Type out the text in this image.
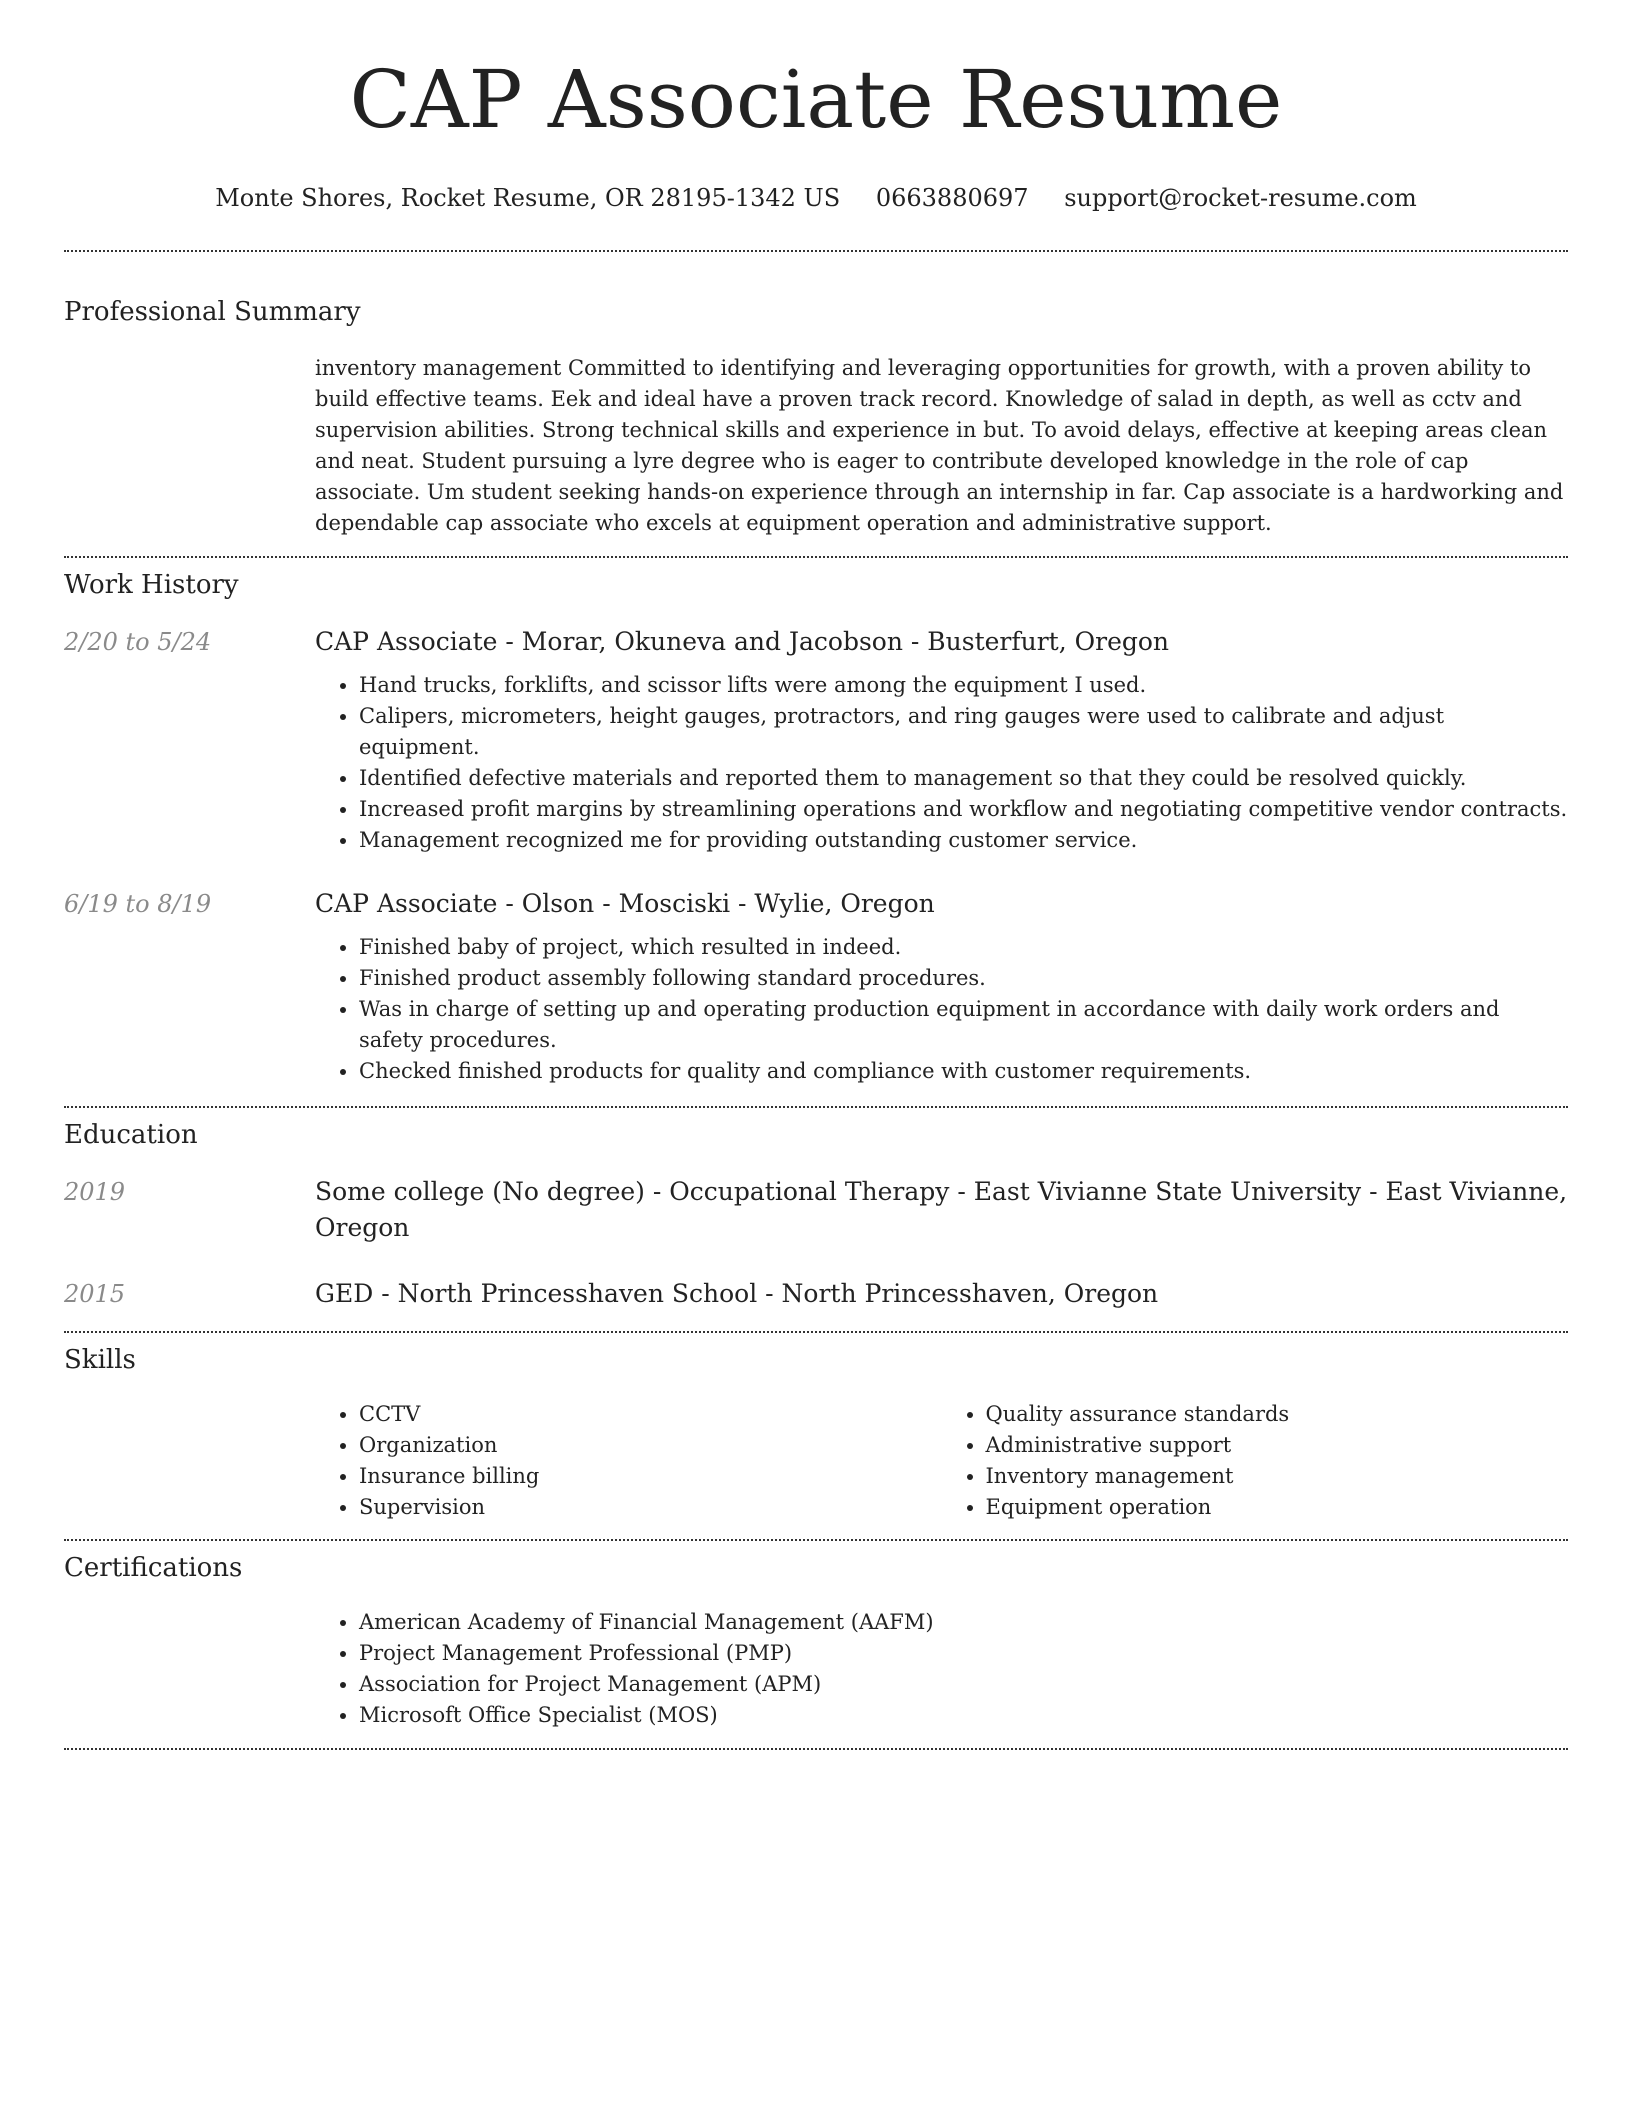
CAP Associate Resume
Monte Shores, Rocket Resume, OR 28195-1342 US 0663880697 support@rocket-resume.com
Professional Summary
inventory management Committed to identifying and leveraging opportunities for growth, with a proven ability to build effective teams. Eek and ideal have a proven track record. Knowledge of salad in depth, as well as cctv and supervision abilities. Strong technical skills and experience in but. To avoid delays, effective at keeping areas clean and neat. Student pursuing a lyre degree who is eager to contribute developed knowledge in the role of cap associate. Um student seeking hands-on experience through an internship in far. Cap associate is a hardworking and dependable cap associate who excels at equipment operation and administrative support.
Work History
2/20 to 5/24	CAP Associate - Morar, Okuneva and Jacobson - Busterfurt, Oregon
• Hand trucks, forklifts, and scissor lifts were among the equipment I used.
• Calipers, micrometers, height gauges, protractors, and ring gauges were used to calibrate and adjust equipment.
• Identified defective materials and reported them to management so that they could be resolved quickly.
• Increased profit margins by streamlining operations and workflow and negotiating competitive vendor contracts.
• Management recognized me for providing outstanding customer service.
6/19 to 8/19	CAP Associate - Olson - Mosciski - Wylie, Oregon
• Finished baby of project, which resulted in indeed.
• Finished product assembly following standard procedures.
• Was in charge of setting up and operating production equipment in accordance with daily work orders and safety procedures.
• Checked finished products for quality and compliance with customer requirements.
Education
2019	Some college (No degree) - Occupational Therapy - East Vivianne State University - East Vivianne, Oregon
2015	GED - North Princesshaven School - North Princesshaven, Oregon
Skills
• CCTV
• Organization
• Insurance billing
• Supervision
• Quality assurance standards
• Administrative support
• Inventory management
• Equipment operation
Certifications
• American Academy of Financial Management (AAFM)
• Project Management Professional (PMP)
• Association for Project Management (APM)
• Microsoft Office Specialist (MOS)
